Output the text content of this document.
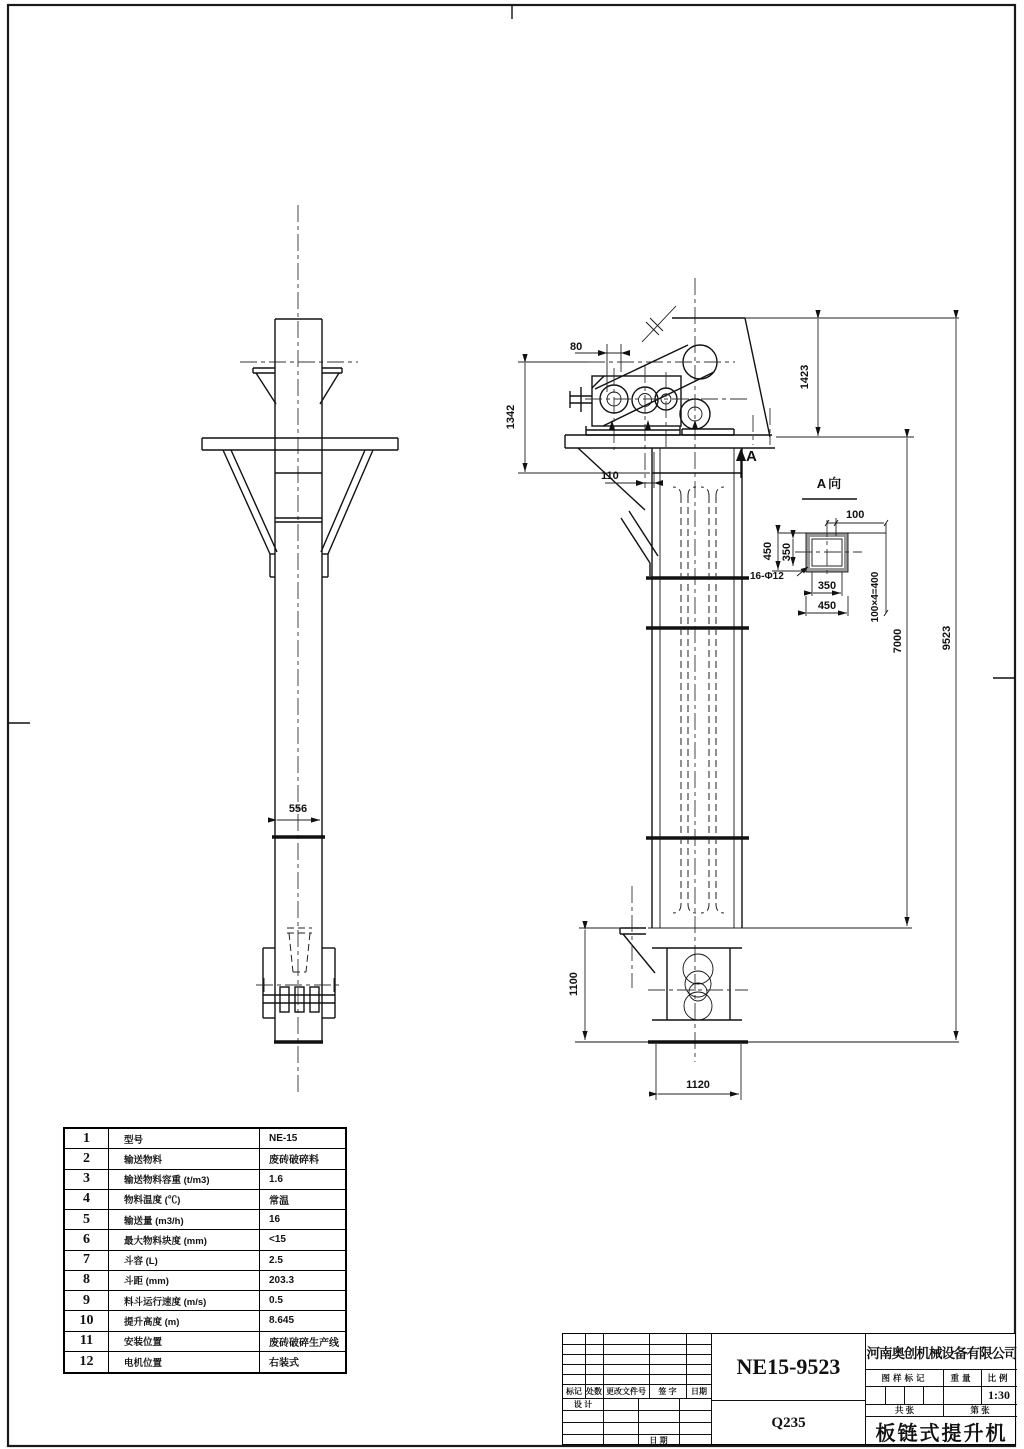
80
110
556
1342
1423
7000	9523
1100
1120
A
A向
100
450 350
16-Φ12
350
450	100×4=400
1	型号	NE-15
2	输送物料	废砖破碎料
3	输送物料容重 (t/m3)	1.6
4	物料温度 (℃)	常温
5	输送量 (m3/h)	16
6	最大物料块度 (mm)	<15
7	斗容 (L)	2.5
8	斗距 (mm)	203.3
9	料斗运行速度 (m/s)	0.5
10	提升高度 (m)	8.645
11	安装位置	废砖破碎生产线
12	电机位置	右装式
标记 处数 更改文件号	签 字	日期
设 计
日 期
NE15-9523
Q235
河南奥创机械设备有限公司
图样标记	重量	比例
1:30
共 张	第 张
板链式提升机
